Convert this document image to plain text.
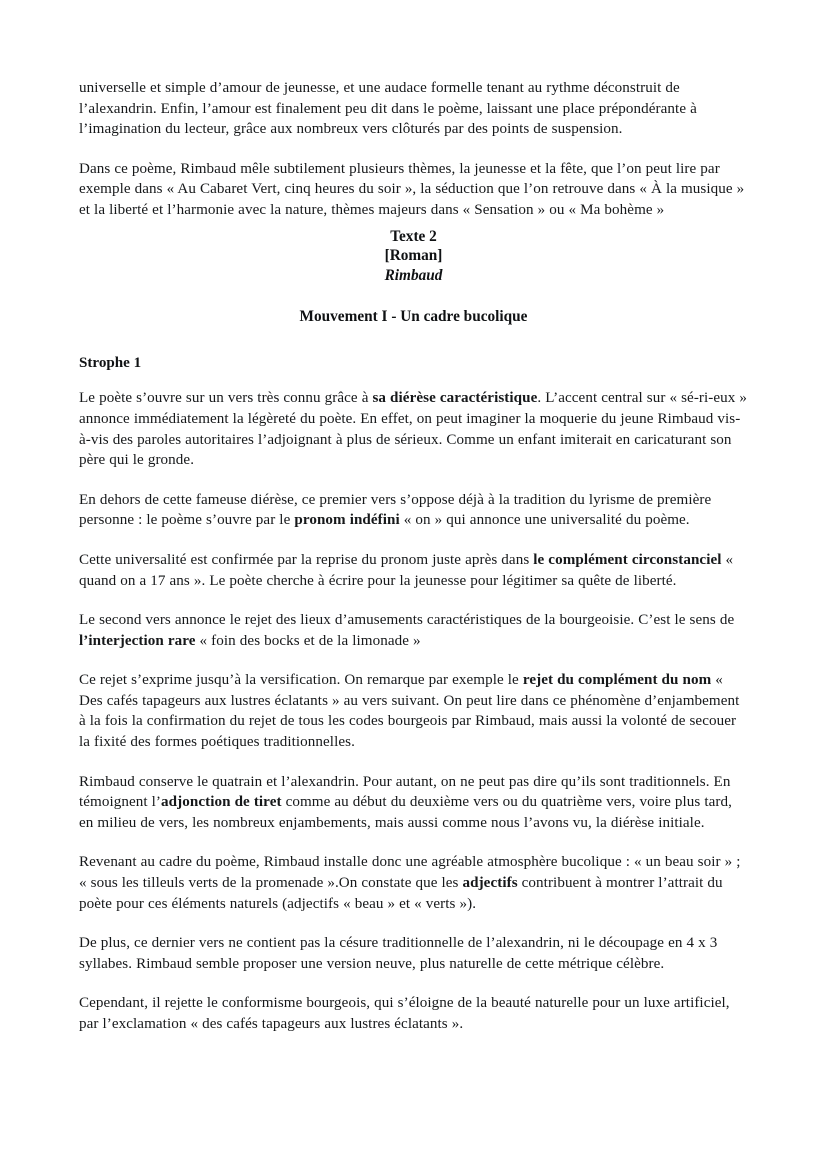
universelle et simple d’amour de jeunesse, et une audace formelle tenant au rythme déconstruit de l’alexandrin. Enfin, l’amour est finalement peu dit dans le poème, laissant une place prépondérante à l’imagination du lecteur, grâce aux nombreux vers clôturés par des points de suspension.

Dans ce poème, Rimbaud mêle subtilement plusieurs thèmes, la jeunesse et la fête, que l’on peut lire par exemple dans « Au Cabaret Vert, cinq heures du soir », la séduction que l’on retrouve dans « À la musique » et la liberté et l’harmonie avec la nature, thèmes majeurs dans « Sensation » ou « Ma bohème »

Texte 2
[Roman]
Rimbaud
Mouvement I - Un cadre bucolique
Strophe 1

Le poète s’ouvre sur un vers très connu grâce à sa diérèse caractéristique. L’accent central sur « sé-ri-eux » annonce immédiatement la légèreté du poète. En effet, on peut imaginer la moquerie du jeune Rimbaud vis-à-vis des paroles autoritaires l’adjoignant à plus de sérieux. Comme un enfant imiterait en caricaturant son père qui le gronde.

En dehors de cette fameuse diérèse, ce premier vers s’oppose déjà à la tradition du lyrisme de première personne : le poème s’ouvre par le pronom indéfini « on » qui annonce une universalité du poème.

Cette universalité est confirmée par la reprise du pronom juste après dans le complément circonstanciel « quand on a 17 ans ». Le poète cherche à écrire pour la jeunesse pour légitimer sa quête de liberté.

Le second vers annonce le rejet des lieux d’amusements caractéristiques de la bourgeoisie. C’est le sens de l’interjection rare « foin des bocks et de la limonade »

Ce rejet s’exprime jusqu’à la versification. On remarque par exemple le rejet du complément du nom « Des cafés tapageurs aux lustres éclatants » au vers suivant. On peut lire dans ce phénomène d’enjambement à la fois la confirmation du rejet de tous les codes bourgeois par Rimbaud, mais aussi la volonté de secouer la fixité des formes poétiques traditionnelles.

Rimbaud conserve le quatrain et l’alexandrin. Pour autant, on ne peut pas dire qu’ils sont traditionnels. En témoignent l’adjonction de tiret comme au début du deuxième vers ou du quatrième vers, voire plus tard, en milieu de vers, les nombreux enjambements, mais aussi comme nous l’avons vu, la diérèse initiale.

Revenant au cadre du poème, Rimbaud installe donc une agréable atmosphère bucolique : « un beau soir » ; « sous les tilleuls verts de la promenade ».On constate que les adjectifs contribuent à montrer l’attrait du poète pour ces éléments naturels (adjectifs « beau » et « verts »).

De plus, ce dernier vers ne contient pas la césure traditionnelle de l’alexandrin, ni le découpage en 4 x 3 syllabes. Rimbaud semble proposer une version neuve, plus naturelle de cette métrique célèbre.

Cependant, il rejette le conformisme bourgeois, qui s’éloigne de la beauté naturelle pour un luxe artificiel, par l’exclamation « des cafés tapageurs aux lustres éclatants ».
